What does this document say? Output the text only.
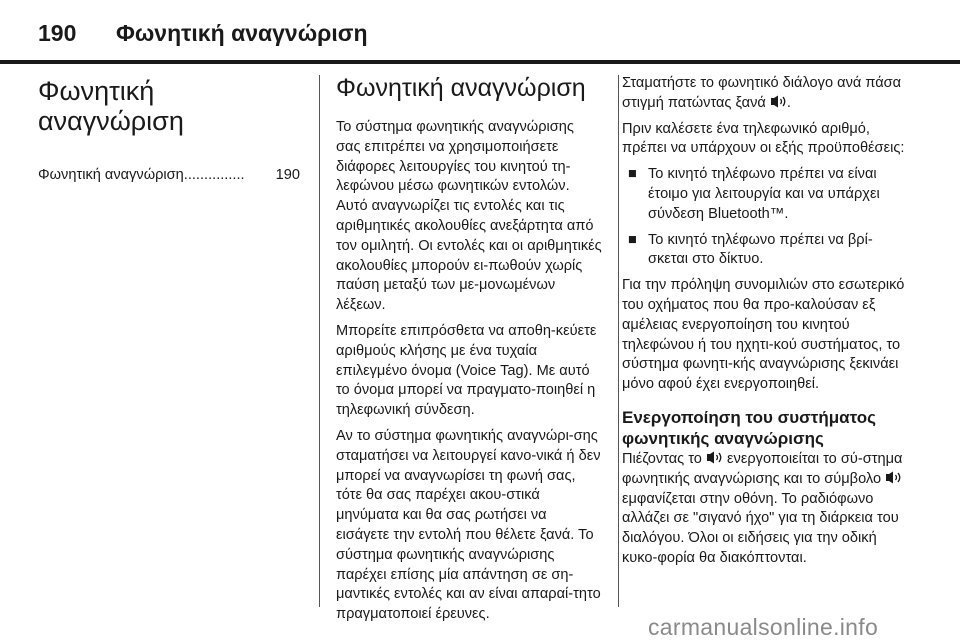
190 Φωνητική αναγνώριση
Φωνητική
αναγνώριση
Φωνητική αναγνώριση ...............	190
Φωνητική αναγνώριση

Το σύστημα φωνητικής αναγνώρισης σας επιτρέπει να χρησιμοποιήσετε διάφορες λειτουργίες του κινητού τη-λεφώνου μέσω φωνητικών εντολών. Αυτό αναγνωρίζει τις εντολές και τις αριθμητικές ακολουθίες ανεξάρτητα από τον ομιλητή. Οι εντολές και οι αριθμητικές ακολουθίες μπορούν ει-πωθούν χωρίς παύση μεταξύ των με-μονωμένων λέξεων.

Μπορείτε επιπρόσθετα να αποθη-κεύετε αριθμούς κλήσης με ένα τυχαία επιλεγμένο όνομα (Voice Tag). Με αυτό το όνομα μπορεί να πραγματο-ποιηθεί η τηλεφωνική σύνδεση.

Αν το σύστημα φωνητικής αναγνώρι-σης σταματήσει να λειτουργεί κανο-νικά ή δεν μπορεί να αναγνωρίσει τη φωνή σας, τότε θα σας παρέχει ακου-στικά μηνύματα και θα σας ρωτήσει να εισάγετε την εντολή που θέλετε ξανά. Το σύστημα φωνητικής αναγνώρισης παρέχει επίσης μία απάντηση σε ση-μαντικές εντολές και αν είναι απαραί-τητο πραγματοποιεί έρευνες.

Σταματήστε το φωνητικό διάλογο ανά πάσα στιγμή πατώντας ξανά .

Πριν καλέσετε ένα τηλεφωνικό αριθμό, πρέπει να υπάρχουν οι εξής προϋποθέσεις:

■ Το κινητό τηλέφωνο πρέπει να είναι έτοιμο για λειτουργία και να υπάρχει σύνδεση Bluetooth™.
■ Το κινητό τηλέφωνο πρέπει να βρί-σκεται στο δίκτυο.

Για την πρόληψη συνομιλιών στο εσωτερικό του οχήματος που θα προ-καλούσαν εξ αμέλειας ενεργοποίηση του κινητού τηλεφώνου ή του ηχητι-κού συστήματος, το σύστημα φωνητι-κής αναγνώρισης ξεκινάει μόνο αφού έχει ενεργοποιηθεί.

Ενεργοποίηση του συστήματος φωνητικής αναγνώρισης

Πιέζοντας το  ενεργοποιείται το σύ-στημα φωνητικής αναγνώρισης και το σύμβολο  εμφανίζεται στην οθόνη. Το ραδιόφωνο αλλάζει σε "σιγανό ήχο" για τη διάρκεια του διαλόγου. Όλοι οι ειδήσεις για την οδική κυκο-φορία θα διακόπτονται.

carmanualsonline.info
